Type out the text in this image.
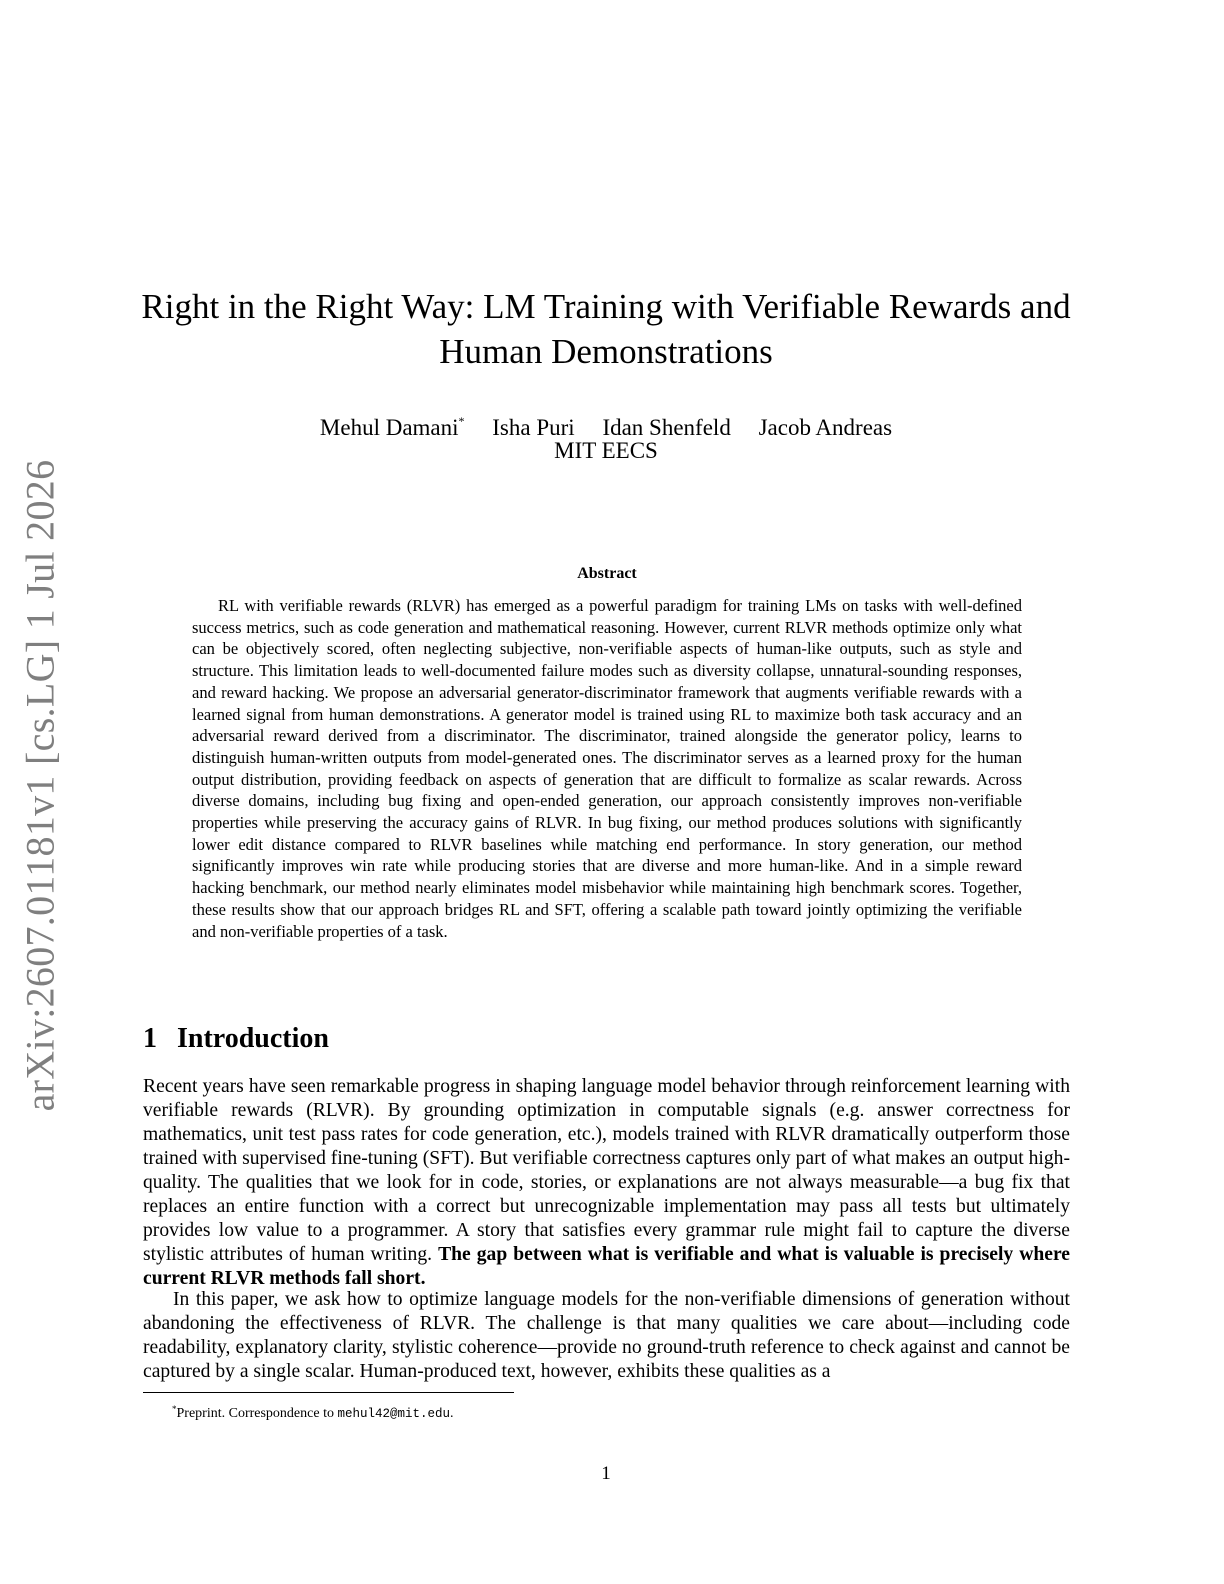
arXiv:2607.01181v1 [cs.LG] 1 Jul 2026
Right in the Right Way: LM Training with Verifiable Rewards and Human Demonstrations
Mehul Damani* Isha Puri Idan Shenfeld Jacob Andreas
MIT EECS
Abstract

RL with verifiable rewards (RLVR) has emerged as a powerful paradigm for training LMs on tasks with well-defined success metrics, such as code generation and mathematical reasoning. However, current RLVR methods optimize only what can be objectively scored, often neglecting subjective, non-verifiable aspects of human-like outputs, such as style and structure. This limitation leads to well-documented failure modes such as diversity collapse, unnatural-sounding responses, and reward hacking. We propose an adversarial generator-discriminator framework that augments verifiable rewards with a learned signal from human demonstrations. A generator model is trained using RL to maximize both task accuracy and an adversarial reward derived from a discriminator. The discriminator, trained alongside the generator policy, learns to distinguish human-written outputs from model-generated ones. The discriminator serves as a learned proxy for the human output distribution, providing feedback on aspects of generation that are difficult to formalize as scalar rewards. Across diverse domains, including bug fixing and open-ended generation, our approach consistently improves non-verifiable properties while preserving the accuracy gains of RLVR. In bug fixing, our method produces solutions with significantly lower edit distance compared to RLVR baselines while matching end performance. In story generation, our method significantly improves win rate while producing stories that are diverse and more human-like. And in a simple reward hacking benchmark, our method nearly eliminates model misbehavior while maintaining high benchmark scores. Together, these results show that our approach bridges RL and SFT, offering a scalable path toward jointly optimizing the verifiable and non-verifiable properties of a task.

1 Introduction

Recent years have seen remarkable progress in shaping language model behavior through reinforcement learning with verifiable rewards (RLVR). By grounding optimization in computable signals (e.g. answer correctness for mathematics, unit test pass rates for code generation, etc.), models trained with RLVR dramatically outperform those trained with supervised fine-tuning (SFT). But verifiable correctness captures only part of what makes an output high-quality. The qualities that we look for in code, stories, or explanations are not always measurable—a bug fix that replaces an entire function with a correct but unrecognizable implementation may pass all tests but ultimately provides low value to a programmer. A story that satisfies every grammar rule might fail to capture the diverse stylistic attributes of human writing. The gap between what is verifiable and what is valuable is precisely where current RLVR methods fall short.

In this paper, we ask how to optimize language models for the non-verifiable dimensions of generation without abandoning the effectiveness of RLVR. The challenge is that many qualities we care about—including code readability, explanatory clarity, stylistic coherence—provide no ground-truth reference to check against and cannot be captured by a single scalar. Human-produced text, however, exhibits these qualities as a

*Preprint. Correspondence to mehul42@mit.edu.
1
